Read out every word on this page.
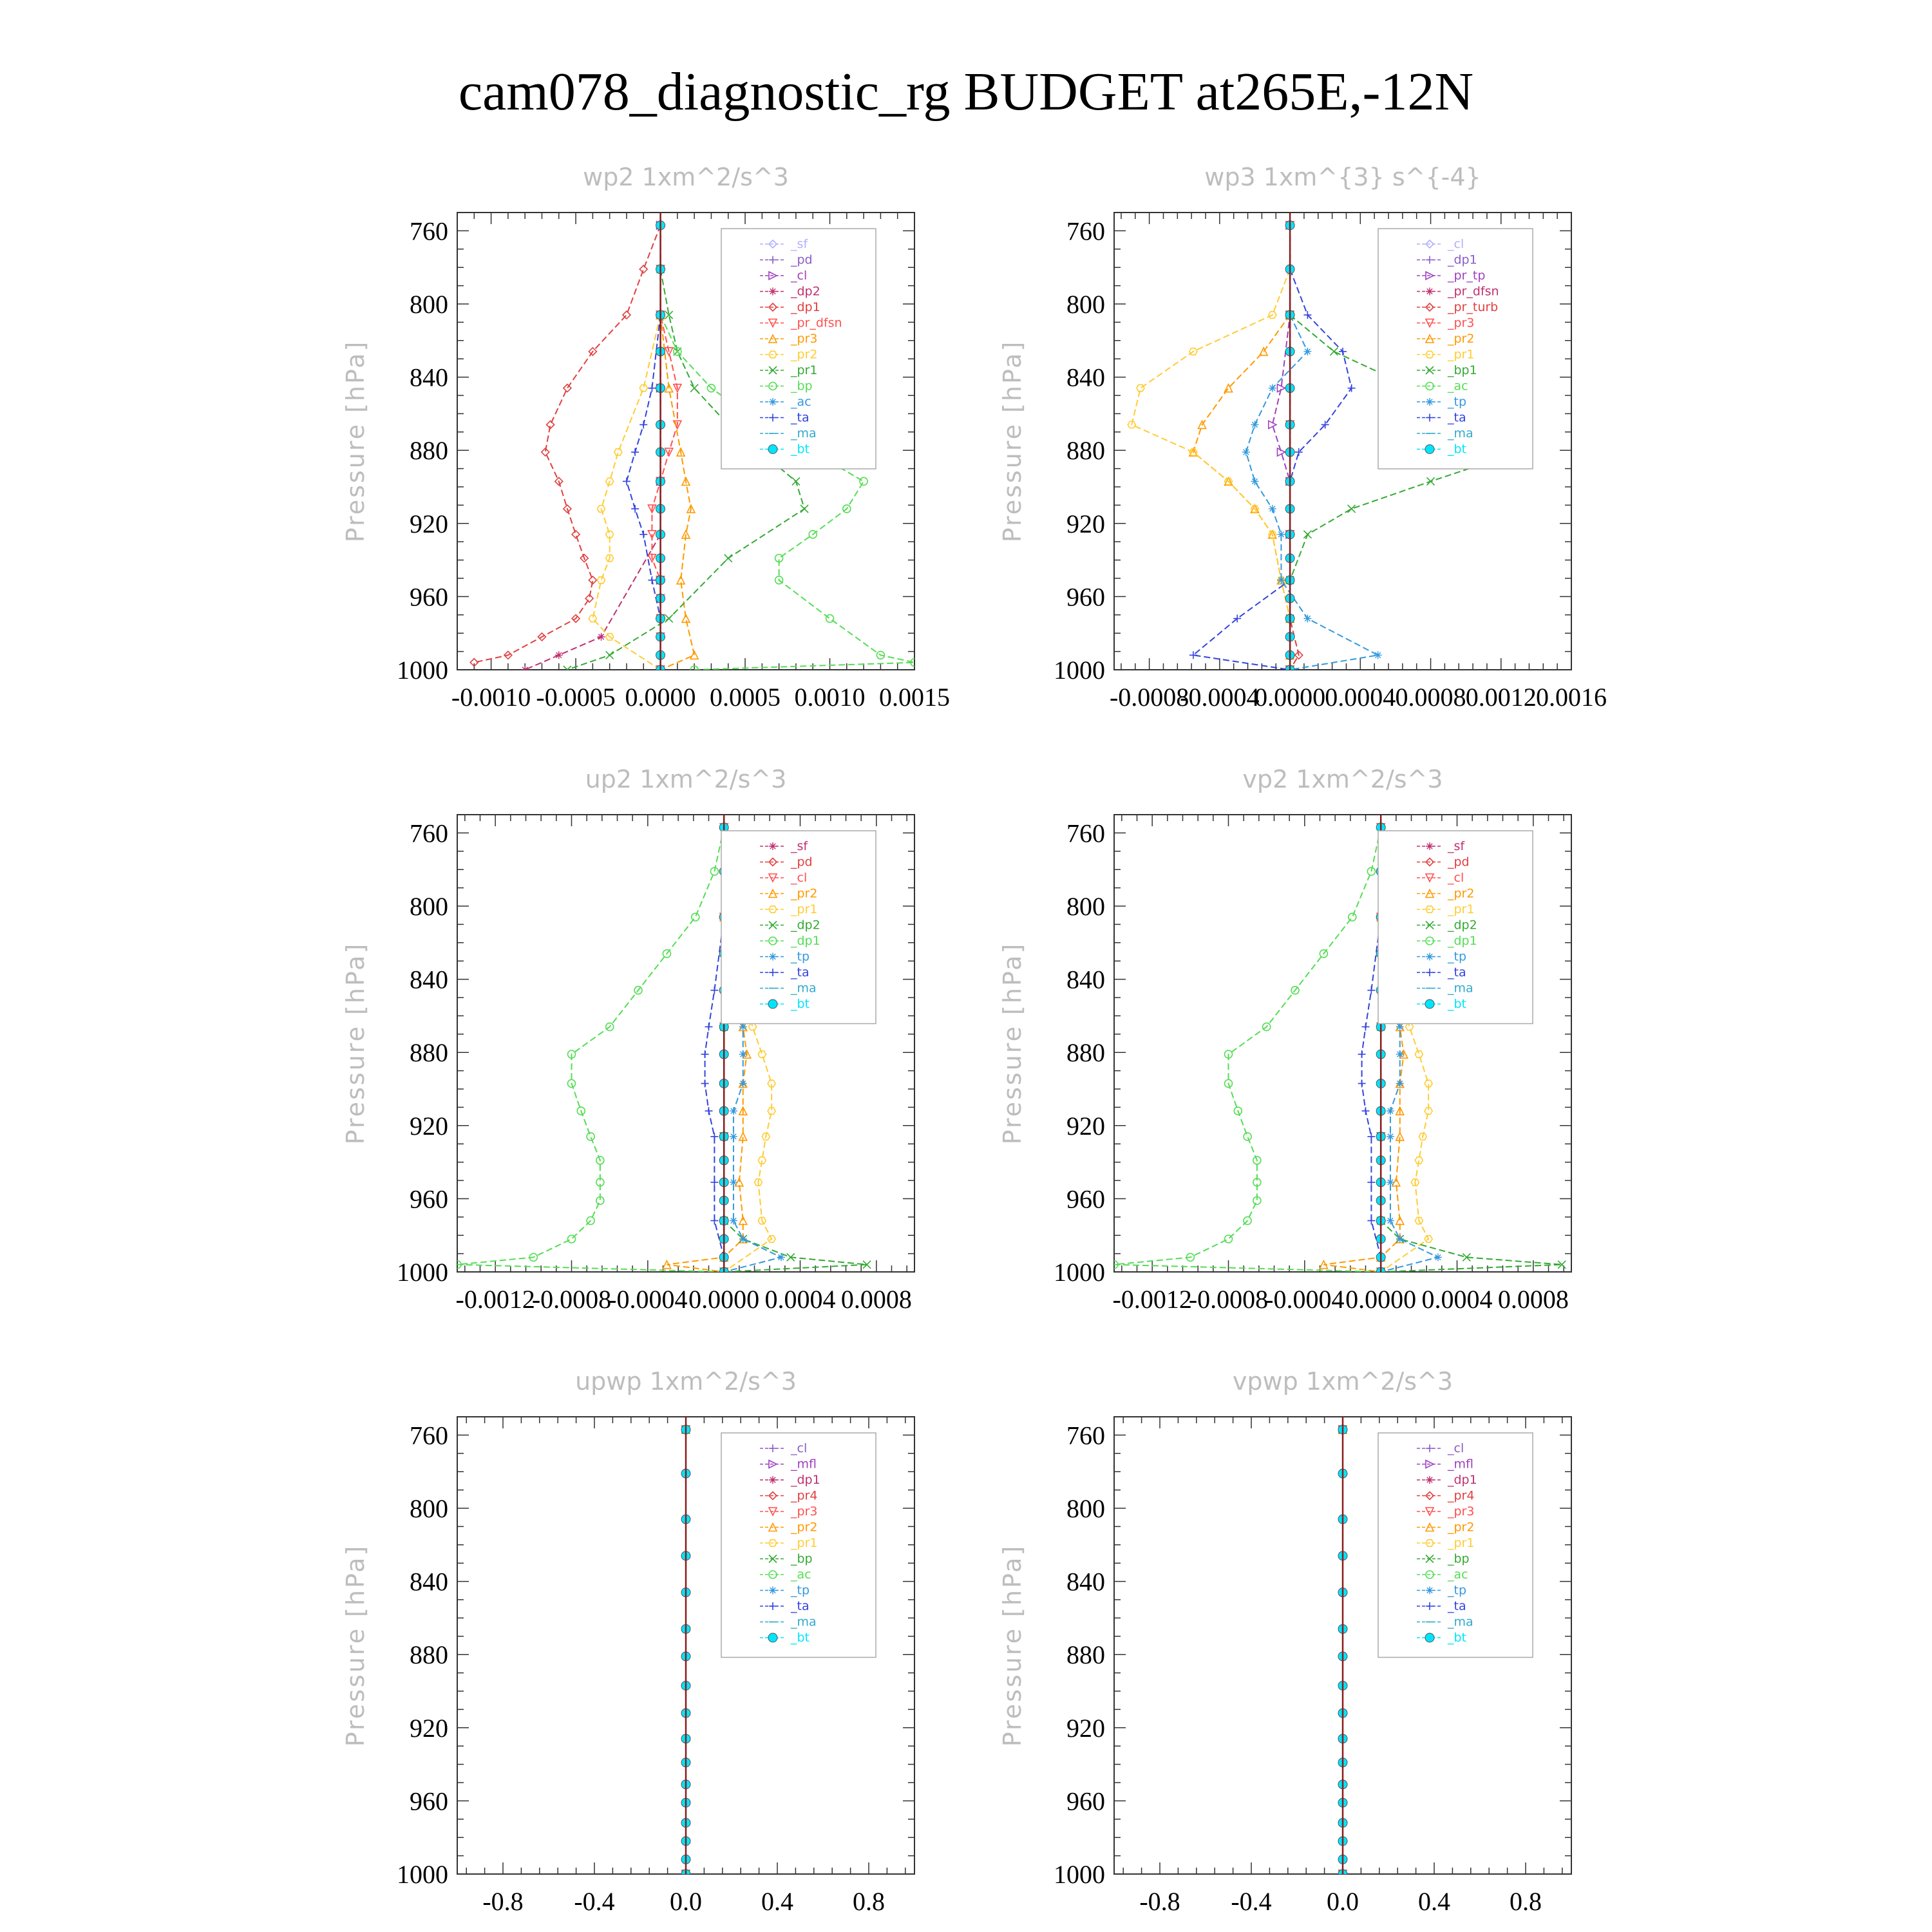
cam078_diagnostic_rg BUDGET at265E,-12N
wp2 1xm^2/s^3
Pressure [hPa]
760
800
840
880
920
960
1000
-0.0010 -0.0005 0.0000 0.0005 0.0010 0.0015
_sf
_pd
_cl
_dp2
_dp1
_pr_dfsn
_pr3
_pr2
_pr1
_bp
_ac
_ta
_ma
_bt
wp3 1xm^{3} s^{-4}
Pressure [hPa]
760
800
840
880
920
960
1000
-0.0008
-0.0004
0.0000 0.0004 0.0008 0.0012 0.0016
_cl
_dp1
_pr_tp
_pr_dfsn
_pr_turb
_pr3
_pr2
_pr1
_bp1
_ac
_tp
_ta
_ma
_bt
up2 1xm^2/s^3
Pressure [hPa]
760
800
840
880
920
960
1000
-0.0012
-0.0008
-0.0004 0.0000 0.0004 0.0008
_sf
_pd
_cl
_pr2
_pr1
_dp2
_dp1
_tp
_ta
_ma
_bt
vp2 1xm^2/s^3
Pressure [hPa]
760
800
840
880
920
960
1000
-0.0012
-0.0008
-0.0004 0.0000 0.0004 0.0008
_sf
_pd
_cl
_pr2
_pr1
_dp2
_dp1
_tp
_ta
_ma
_bt
upwp 1xm^2/s^3
Pressure [hPa]
760
800
840
880
920
960
1000
-0.8 -0.4 0.0 0.4 0.8
_cl
_mfl
_dp1
_pr4
_pr3
_pr2
_pr1
_bp
_ac
_tp
_ta
_ma
_bt
vpwp 1xm^2/s^3
Pressure [hPa]
760
800
840
880
920
960
1000
-0.8 -0.4 0.0 0.4 0.8
_cl
_mfl
_dp1
_pr4
_pr3
_pr2
_pr1
_bp
_ac
_tp
_ta
_ma
_bt
